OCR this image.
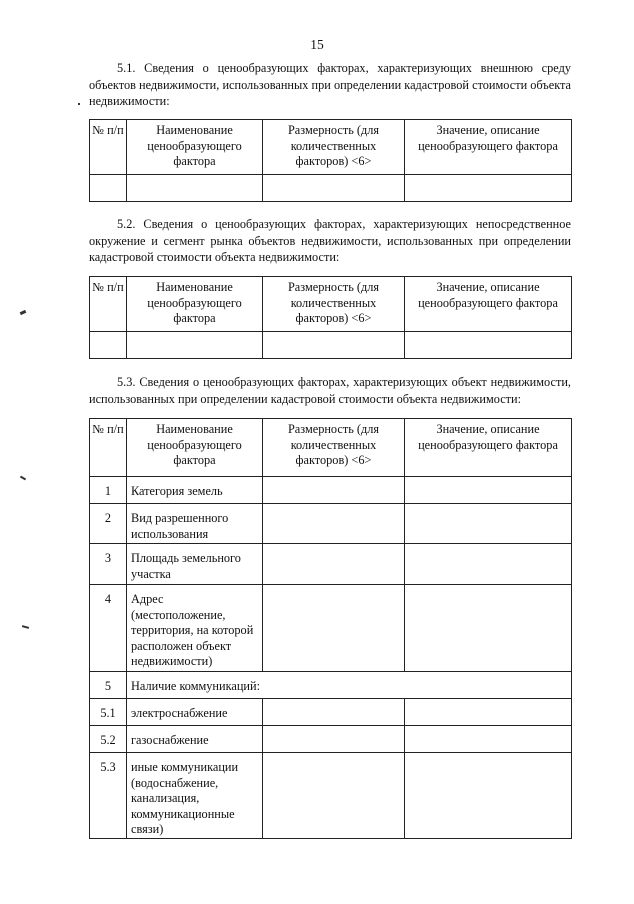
15
5.1. Сведения о ценообразующих факторах, характеризующих внешнюю среду объектов недвижимости, использованных при определении кадастровой стоимости объекта недвижимости:
№ п/п	Наименование ценообразующего фактора	Размерность (для количественных факторов) <6>	Значение, описание ценообразующего фактора

5.2. Сведения о ценообразующих факторах, характеризующих непосредственное окружение и сегмент рынка объектов недвижимости, использованных при определении кадастровой стоимости объекта недвижимости:
№ п/п	Наименование ценообразующего фактора	Размерность (для количественных факторов) <6>	Значение, описание ценообразующего фактора

5.3. Сведения о ценообразующих факторах, характеризующих объект недвижимости, использованных при определении кадастровой стоимости объекта недвижимости:
№ п/п	Наименование ценообразующего фактора	Размерность (для количественных факторов) <6>	Значение, описание ценообразующего фактора
1	Категория земель		
2	Вид разрешенного использования		
3	Площадь земельного участка		
4	Адрес (местоположение, территория, на которой расположен объект недвижимости)		
5	Наличие коммуникаций:		
5.1	электроснабжение		
5.2	газоснабжение		
5.3	иные коммуникации (водоснабжение, канализация, коммуникационные связи)		
